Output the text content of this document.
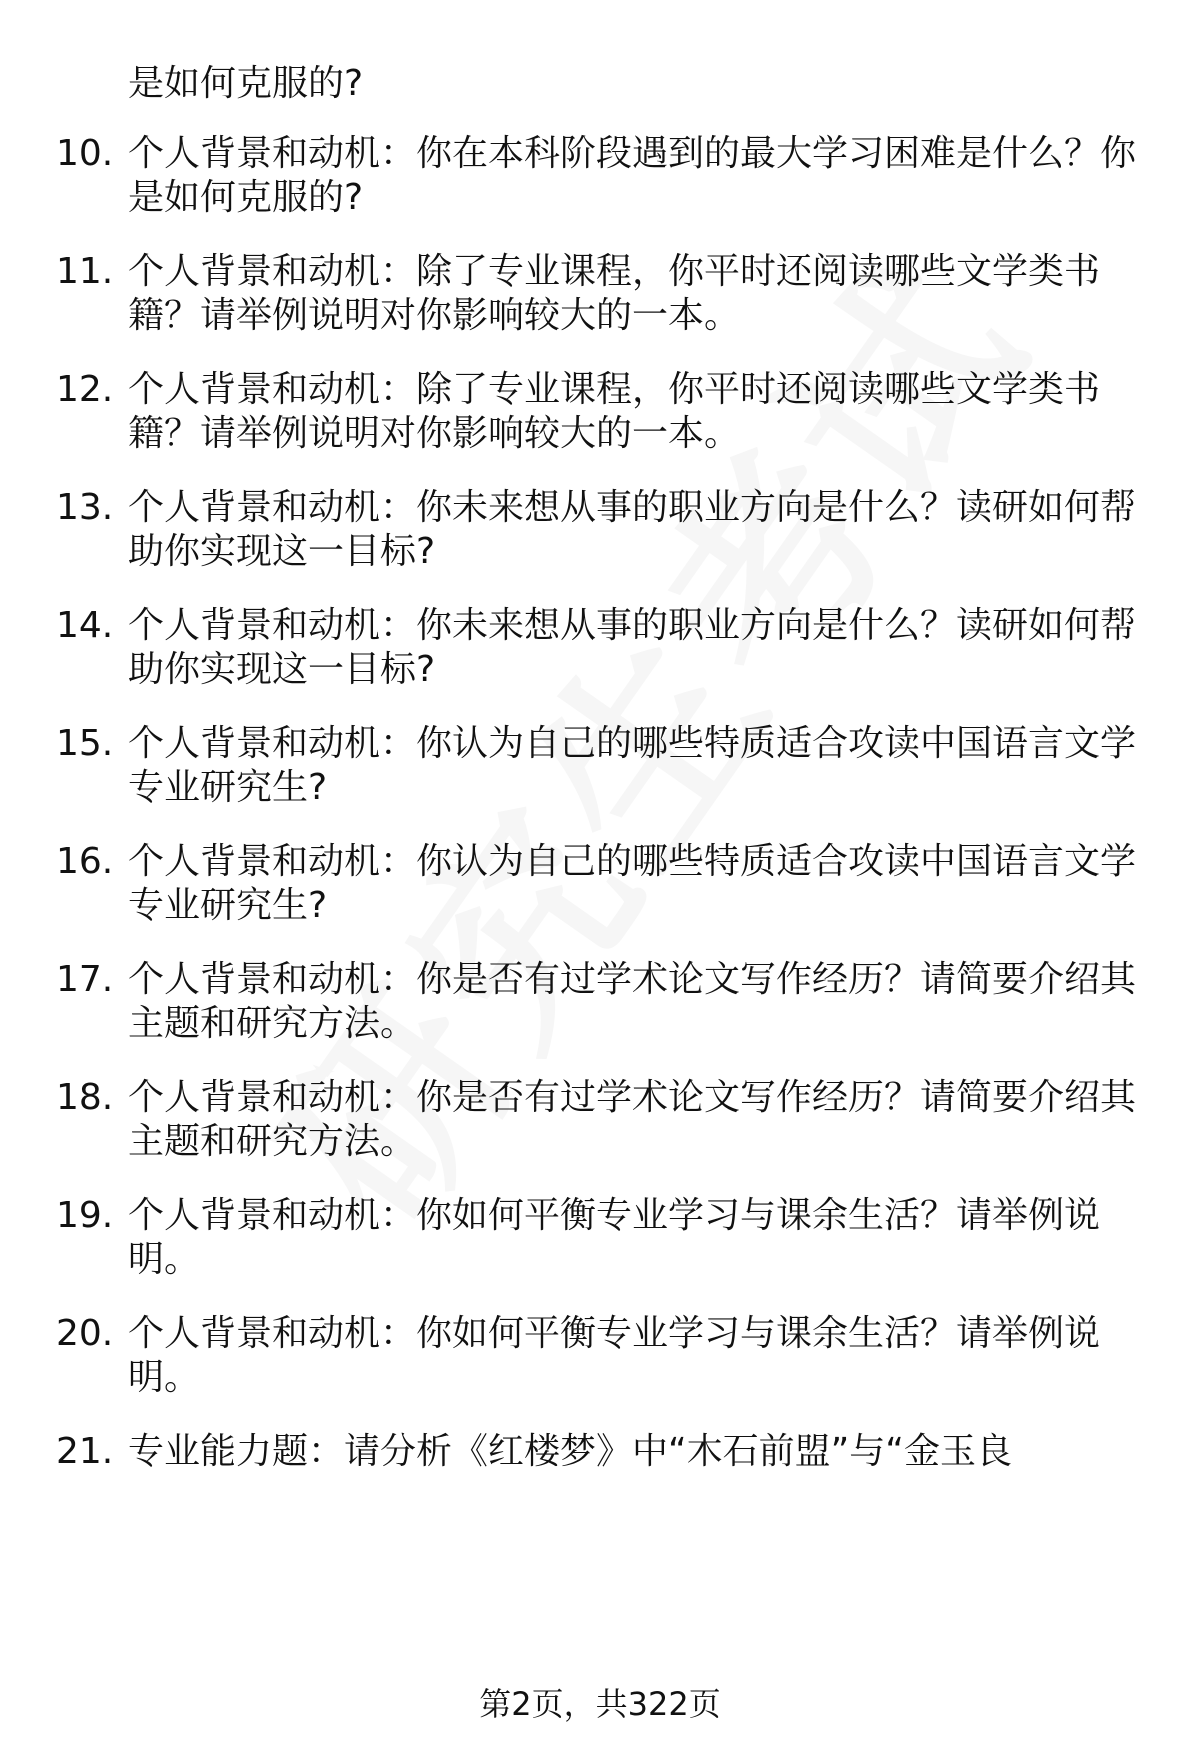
是如何克服的?
10. 个人背景和动机：你在本科阶段遇到的最大学习困难是什么？你
是如何克服的?
11. 个人背景和动机：除了专业课程，你平时还阅读哪些文学类书
籍？请举例说明对你影响较大的一本。
12. 个人背景和动机：除了专业课程，你平时还阅读哪些文学类书
籍？请举例说明对你影响较大的一本。
13. 个人背景和动机：你未来想从事的职业方向是什么？读研如何帮
助你实现这一目标?
14. 个人背景和动机：你未来想从事的职业方向是什么？读研如何帮
助你实现这一目标?
15. 个人背景和动机：你认为自己的哪些特质适合攻读中国语言文学
专业研究生?
16. 个人背景和动机：你认为自己的哪些特质适合攻读中国语言文学
专业研究生?
17. 个人背景和动机：你是否有过学术论文写作经历？请简要介绍其
主题和研究方法。
18. 个人背景和动机：你是否有过学术论文写作经历？请简要介绍其
主题和研究方法。
19. 个人背景和动机：你如何平衡专业学习与课余生活？请举例说
明。
20. 个人背景和动机：你如何平衡专业学习与课余生活？请举例说
明。
21. 专业能力题：请分析《红楼梦》中“木石前盟”与“金玉良
第2页，共322页
